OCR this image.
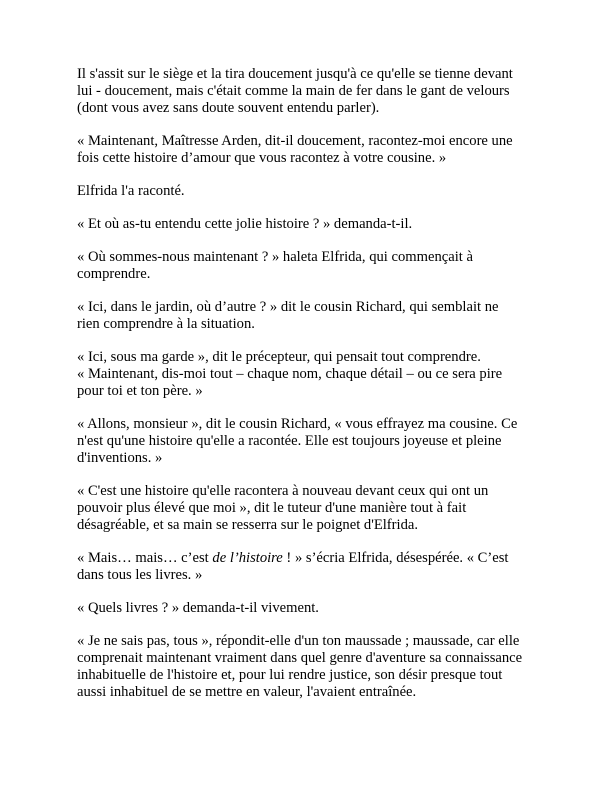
Il s'assit sur le siège et la tira doucement jusqu'à ce qu'elle se tienne devant
lui - doucement, mais c'était comme la main de fer dans le gant de velours
(dont vous avez sans doute souvent entendu parler).

« Maintenant, Maîtresse Arden, dit-il doucement, racontez-moi encore une
fois cette histoire d’amour que vous racontez à votre cousine. »

Elfrida l'a raconté.

« Et où as-tu entendu cette jolie histoire ? » demanda-t-il.

« Où sommes-nous maintenant ? » haleta Elfrida, qui commençait à
comprendre.

« Ici, dans le jardin, où d’autre ? » dit le cousin Richard, qui semblait ne
rien comprendre à la situation.

« Ici, sous ma garde », dit le précepteur, qui pensait tout comprendre.
« Maintenant, dis-moi tout – chaque nom, chaque détail – ou ce sera pire
pour toi et ton père. »

« Allons, monsieur », dit le cousin Richard, « vous effrayez ma cousine. Ce
n'est qu'une histoire qu'elle a racontée. Elle est toujours joyeuse et pleine
d'inventions. »

« C'est une histoire qu'elle racontera à nouveau devant ceux qui ont un
pouvoir plus élevé que moi », dit le tuteur d'une manière tout à fait
désagréable, et sa main se resserra sur le poignet d'Elfrida.

« Mais… mais… c’est de l’histoire ! » s’écria Elfrida, désespérée. « C’est
dans tous les livres. »

« Quels livres ? » demanda-t-il vivement.

« Je ne sais pas, tous », répondit-elle d'un ton maussade ; maussade, car elle
comprenait maintenant vraiment dans quel genre d'aventure sa connaissance
inhabituelle de l'histoire et, pour lui rendre justice, son désir presque tout
aussi inhabituel de se mettre en valeur, l'avaient entraînée.
